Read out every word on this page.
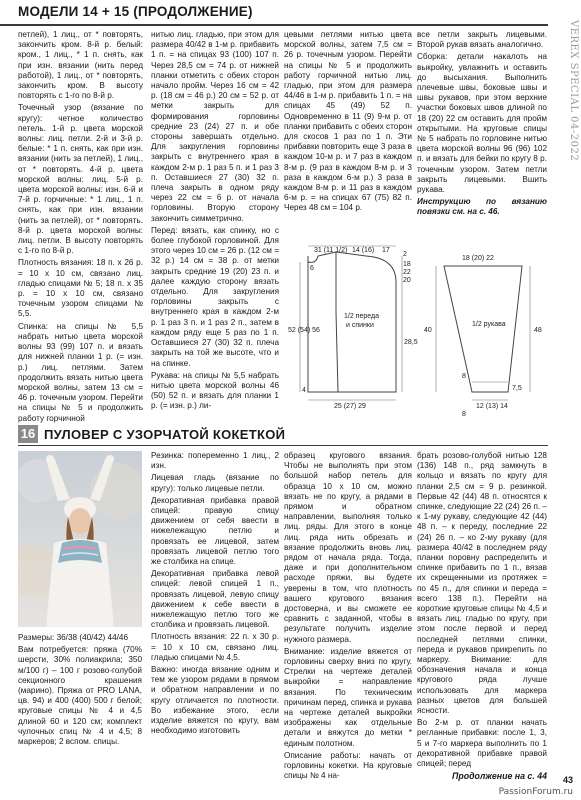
МОДЕЛИ 14 + 15 (ПРОДОЛЖЕНИЕ)
VEREX SPECIAL 04-2022

петлей), 1 лиц., от * повторять, закончить кром. 8-й р. белый: кром., 1 лиц., * 1 п. снять, как при изн. вязании (нить перед работой), 1 лиц., от * повторять, закончить кром. В высоту повторять с 1-го по 8-й р.

Точечный узор (вязание по кругу): четное количество петель. 1-й р. цвета морской волны: лиц. петли. 2-й и 3-й р. белые: * 1 п. снять, как при изн. вязании (нить за петлей), 1 лиц., от * повторять. 4-й р. цвета морской волны: лиц. 5-й р. цвета морской волны: изн. 6-й и 7-й р. горчичные: * 1 лиц., 1 п. снять, как при изн. вязании (нить за петлей), от * повторять. 8-й р. цвета морской волны: лиц. петли. В высоту повторять с 1-го по 8-й р.

Плотность вязания: 18 п. х 26 р. = 10 х 10 см, связано лиц. гладью спицами № 5; 18 п. х 35 р. = 10 х 10 см, связано точечным узором спицами № 5,5.

Спинка: на спицы № 5,5 набрать нитью цвета морской волны 93 (99) 107 п. и вязать для нижней планки 1 р. (= изн. р.) лиц. петлями. Затем продолжить вязать нитью цвета морской волны, затем 13 см = 46 р. точечным узором. Перейти на спицы № 5 и продолжить работу горчичной

нитью лиц. гладью, при этом для размера 40/42 в 1-м р. прибавить 1 п. = на спицах 93 (100) 107 п. Через 28,5 см = 74 р. от нижней планки отметить с обеих сторон начало пройм. Через 16 см = 42 р. (18 см = 46 р.) 20 см = 52 р. от метки закрыть для формирования горловины средние 23 (24) 27 п. и обе стороны завершать отдельно. Для закругления горловины закрыть с внутреннего края в каждом 2-м р. 1 раз 5 п. и 1 раз 3 п. Оставшиеся 27 (30) 32 п. плеча закрыть в одном ряду через 22 см = 6 р. от начала горловины. Вторую сторону закончить симметрично.

Перед: вязать, как спинку, но с более глубокой горловиной. Для этого через 10 см = 26 р. (12 см = 32 р.) 14 см = 38 р. от метки закрыть средние 19 (20) 23 п. и далее каждую сторону вязать отдельно. Для закругления горловины закрыть с внутреннего края в каждом 2-м р. 1 раз 3 п. и 1 раз 2 п., затем в каждом ряду еще 5 раз по 1 п. Оставшиеся 27 (30) 32 п. плеча закрыть на той же высоте, что и на спинке.

Рукава: на спицы № 5,5 набрать нитью цвета морской волны 46 (50) 52 п. и вязать для планки 1 р. (= изн. р.) ли-

цевыми петлями нитью цвета морской волны, затем 7,5 см = 26 р. точечным узором. Перейти на спицы № 5 и продолжить работу горчичной нитью лиц. гладью, при этом для размера 44/46 в 1-м р. прибавить 1 п. = на спицах 45 (49) 52 п. Одновременно в 11 (9) 9-м р. от планки прибавить с обеих сторон для скосов 1 раз по 1 п. Эти прибавки повторить еще 3 раза в каждом 10-м р. и 7 раз в каждом 8-м р. (9 раз в каждом 8-м р. и 3 раза в каждом 6-м р.) 3 раза в каждом 8-м р. и 11 раз в каждом 6-м р. = на спицах 67 (75) 82 п. Через 48 см = 104 р.

все петли закрыть лицевыми. Второй рукав вязать аналогично.

Сборка: детали накалоть на выкройку, увлажнить и оставить до высыхания. Выполнить плечевые швы, боковые швы и швы рукавов, при этом верхние участки боковых швов длиной по 18 (20) 22 см оставить для пройм открытыми. На круговые спицы № 5 набрать по горловине нитью цвета морской волны 96 (96) 102 п. и вязать для бейки по кругу 8 р. точечным узором. Затем петли закрыть лицевыми. Вшить рукава.

Инструкцию по вязанию повязки см. на с. 46.

31 (11 1/2) 14 (16) 17
6
2
18
22
20
52 (54) 56
1/2 переда
и спинки
28,5
4
25 (27) 29
18 (20) 22
40	48
1/2 рукава
8
12 (13) 14
7,5
8
16 ПУЛОВЕР С УЗОРЧАТОЙ КОКЕТКОЙ

Размеры: 36/38 (40/42) 44/46

Вам потребуется: пряжа (70% шерсти, 30% полиакрила; 350 м/100 г) – 100 г розово-голубой секционного крашения (марино). Пряжа от PRO LANA, цв. 94) и 400 (400) 500 г белой; круговые спицы № 4 и 4,5 длиной 60 и 120 см; комплект чулочных спиц № 4 и 4,5; 8 маркеров; 2 вспом. спицы.

Резинка: попеременно 1 лиц., 2 изн.

Лицевая гладь (вязание по кругу): только лицевые петли.

Декоративная прибавка правой спицей: правую спицу движением от себя ввести в нижележащую петлю и провязать ее лицевой, затем провязать лицевой петлю того же столбика на спице.

Декоративная прибавка левой спицей: левой спицей 1 п., провязать лицевой, левую спицу движением к себе ввести в нижележащую петлю того же столбика и провязать лицевой.

Плотность вязания: 22 п. х 30 р. = 10 х 10 см, связано лиц. гладью спицами № 4,5.

Важно: иногда вязание одним и тем же узором рядами в прямом и обратном направлении и по кругу отличается по плотности. Во избежание этого, если изделие вяжется по кругу, вам необходимо изготовить

образец кругового вязания. Чтобы не выполнять при этом большой набор петель для образца 10 х 10 см, можно вязать не по кругу, а рядами в прямом и обратном направлении, выполняя только лиц. ряды. Для этого в конце лиц. ряда нить обрезать и вязание продолжить вновь лиц. рядом от начала ряда. Тогда, даже и при дополнительном расходе пряжи, вы будете уверены в том, что плотность вашего кругового вязания достоверна, и вы сможете ее сравнить с заданной, чтобы в результате получить изделие нужного размера.

Внимание: изделие вяжется от горловины сверху вниз по кругу. Стрелки на чертеже деталей выкройки = направление вязания. По техническим причинам перед, спинка и рукава на чертеже деталей выкройки изображены как отдельные детали и вяжутся до метки * единым полотном.

Описание работы: начать от горловины кокетки. На круговые спицы № 4 на-

брать розово-голубой нитью 128 (136) 148 п., ряд замкнуть в кольцо и вязать по кругу для планки 2,5 см = 9 р. резинкой. Первые 42 (44) 48 п. относятся к спинке, следующие 22 (24) 26 п. – к 1-му рукаву, следующие 42 (44) 48 п. – к переду, последние 22 (24) 26 п. – ко 2-му рукаву (для размера 40/42 в последнем ряду планки поровну распределить и спинке прибавить по 1 п., вязав их скрещенными из протяжек = по 45 п., для спинки и переда = всего 138 п.). Перейти на короткие круговые спицы № 4,5 и вязать лиц. гладью по кругу, при этом после первой и перед последней петлями спинки, переда и рукавов прикрепить по маркеру. Внимание: для обозначения начала и конца кругового ряда лучше использовать для маркера разных цветов для большей ясности.

Во 2-м р. от планки начать регланные прибавки: после 1, 3, 5 и 7-го маркера выполнить по 1 декоративной прибавке правой спицей; перед

Продолжение на с. 44 43
PassionForum.ru
